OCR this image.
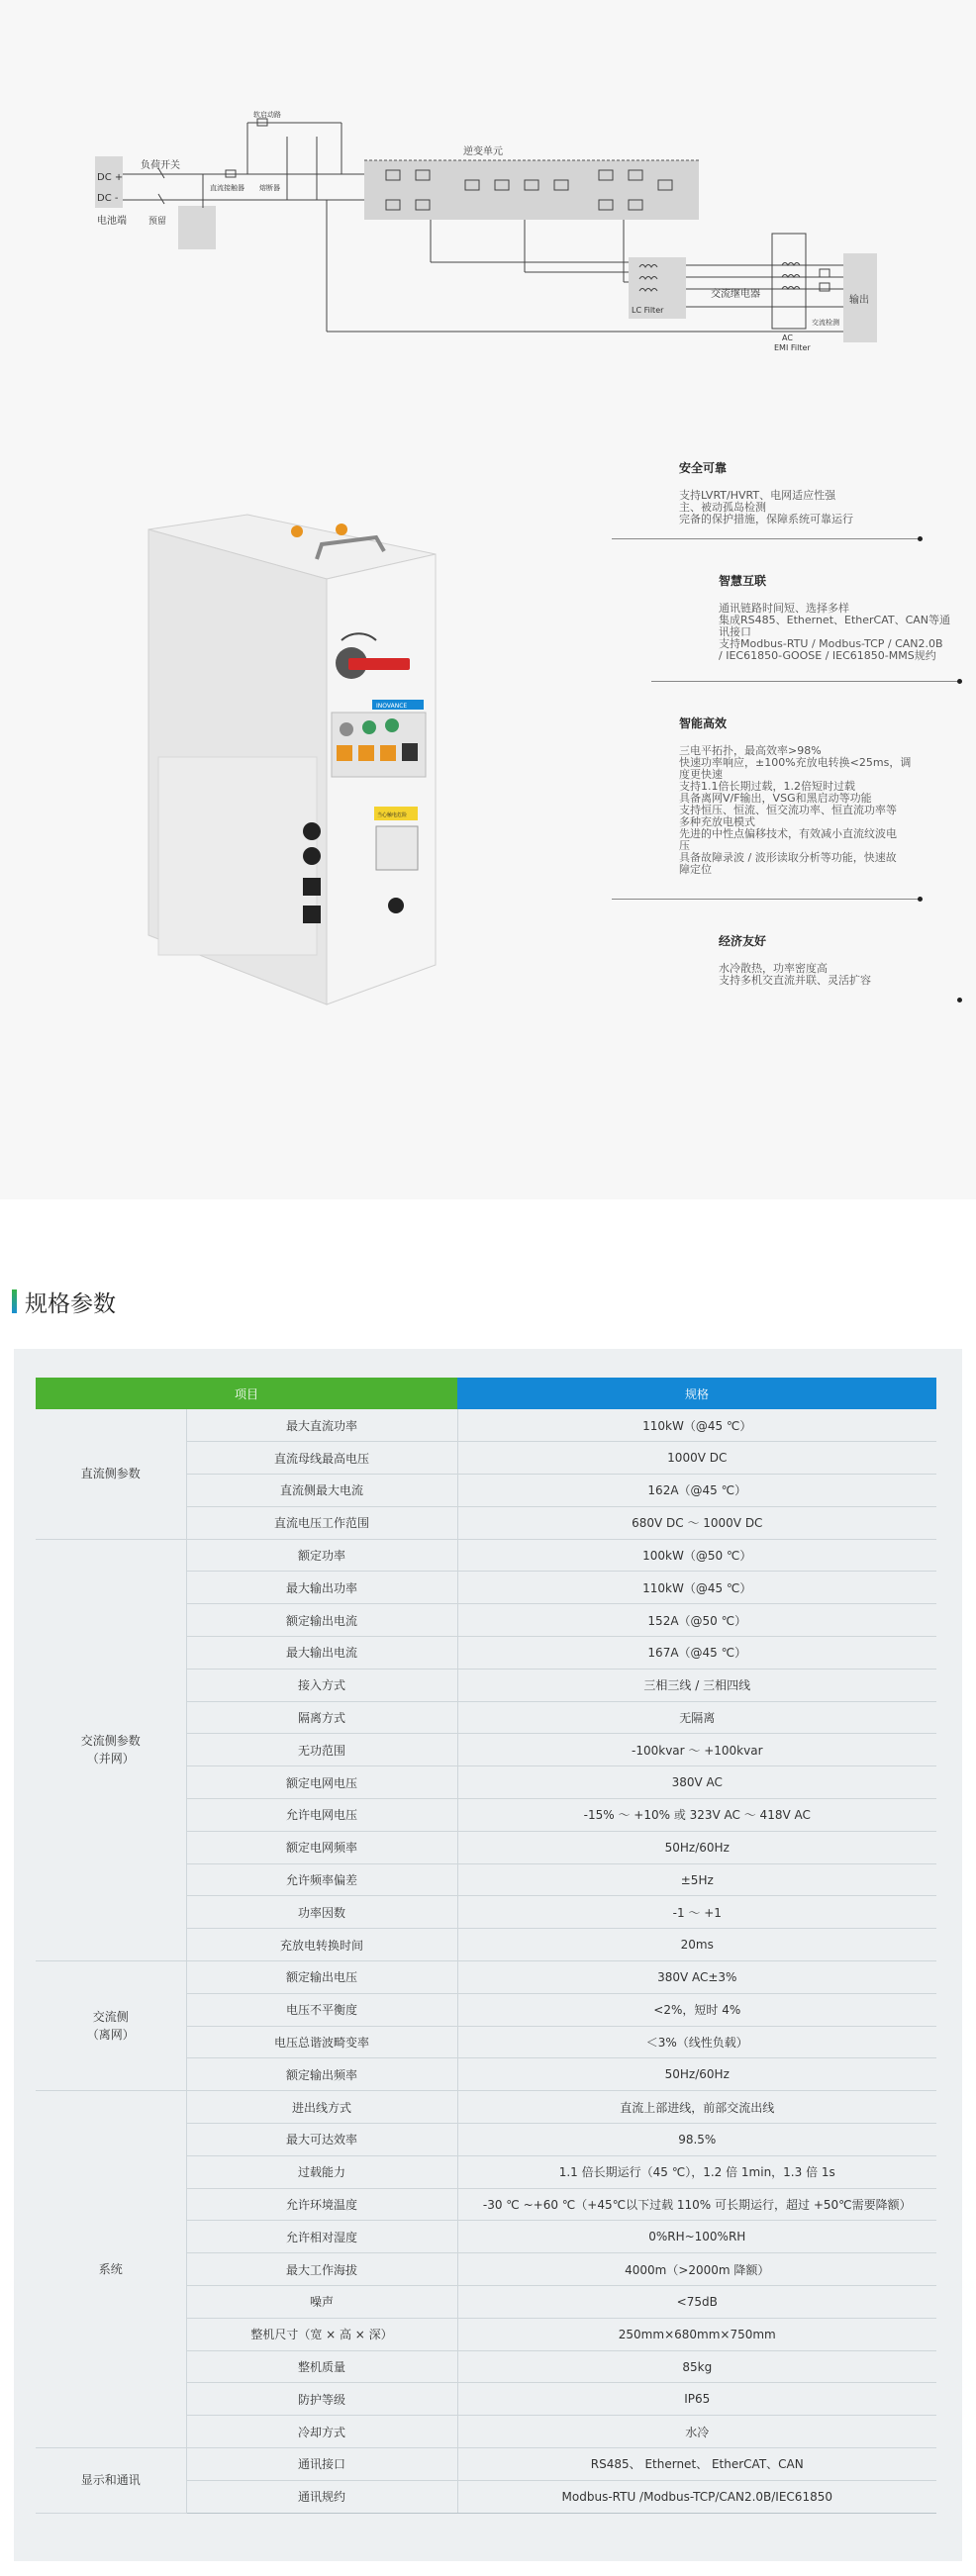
DC +
DC -
电池端
负荷开关
预留
直流接触器 熔断器
软启动路
逆变单元
交流继电器
LC Filter
AC
EMI Filter
输出
交流检测
INOVANCE
当心触电危险
安全可靠
支持LVRT/HVRT、电网适应性强
主、被动孤岛检测
完备的保护措施，保障系统可靠运行
智慧互联
通讯链路时间短、选择多样
集成RS485、Ethernet、EtherCAT、CAN等通
讯接口
支持Modbus-RTU / Modbus-TCP / CAN2.0B
/ IEC61850-GOOSE / IEC61850-MMS规约
智能高效
三电平拓扑，最高效率>98%
快速功率响应，±100%充放电转换<25ms，调
度更快速
支持1.1倍长期过载，1.2倍短时过载
具备离网V/F输出，VSG和黑启动等功能
支持恒压、恒流、恒交流功率、恒直流功率等
多种充放电模式
先进的中性点偏移技术，有效减小直流纹波电
压
具备故障录波 / 波形读取分析等功能，快速故
障定位
经济友好
水冷散热，功率密度高
支持多机交直流并联、灵活扩容
规格参数
项目		规格
直流侧参数	最大直流功率	110kW（@45 ℃）
	直流母线最高电压	1000V DC
	直流侧最大电流	162A（@45 ℃）
	直流电压工作范围	680V DC ～ 1000V DC
交流侧参数
（并网）	额定功率	100kW（@50 ℃）
	最大输出功率	110kW（@45 ℃）
	额定输出电流	152A（@50 ℃）
	最大输出电流	167A（@45 ℃）
	接入方式	三相三线 / 三相四线
	隔离方式	无隔离
	无功范围	-100kvar ～ +100kvar
	额定电网电压	380V AC
	允许电网电压	-15% ～ +10% 或 323V AC ～ 418V AC
	额定电网频率	50Hz/60Hz
	允许频率偏差	±5Hz
	功率因数	-1 ～ +1
	充放电转换时间	20ms
交流侧
（离网）	额定输出电压	380V AC±3%
	电压不平衡度	<2%，短时 4%
	电压总谐波畸变率	＜3%（线性负载）
	额定输出频率	50Hz/60Hz
系统	进出线方式	直流上部进线，前部交流出线
	最大可达效率	98.5%
	过载能力	1.1 倍长期运行（45 ℃），1.2 倍 1min，1.3 倍 1s
	允许环境温度	-30 ℃ ~+60 ℃（+45℃以下过载 110% 可长期运行，超过 +50℃需要降额）
	允许相对湿度	0%RH~100%RH
	最大工作海拔	4000m（>2000m 降额）
	噪声	<75dB
	整机尺寸（宽 × 高 × 深）	250mm×680mm×750mm
	整机质量	85kg
	防护等级	IP65
	冷却方式	水冷
显示和通讯	通讯接口	RS485、 Ethernet、 EtherCAT、CAN
	通讯规约	Modbus-RTU /Modbus-TCP/CAN2.0B/IEC61850
